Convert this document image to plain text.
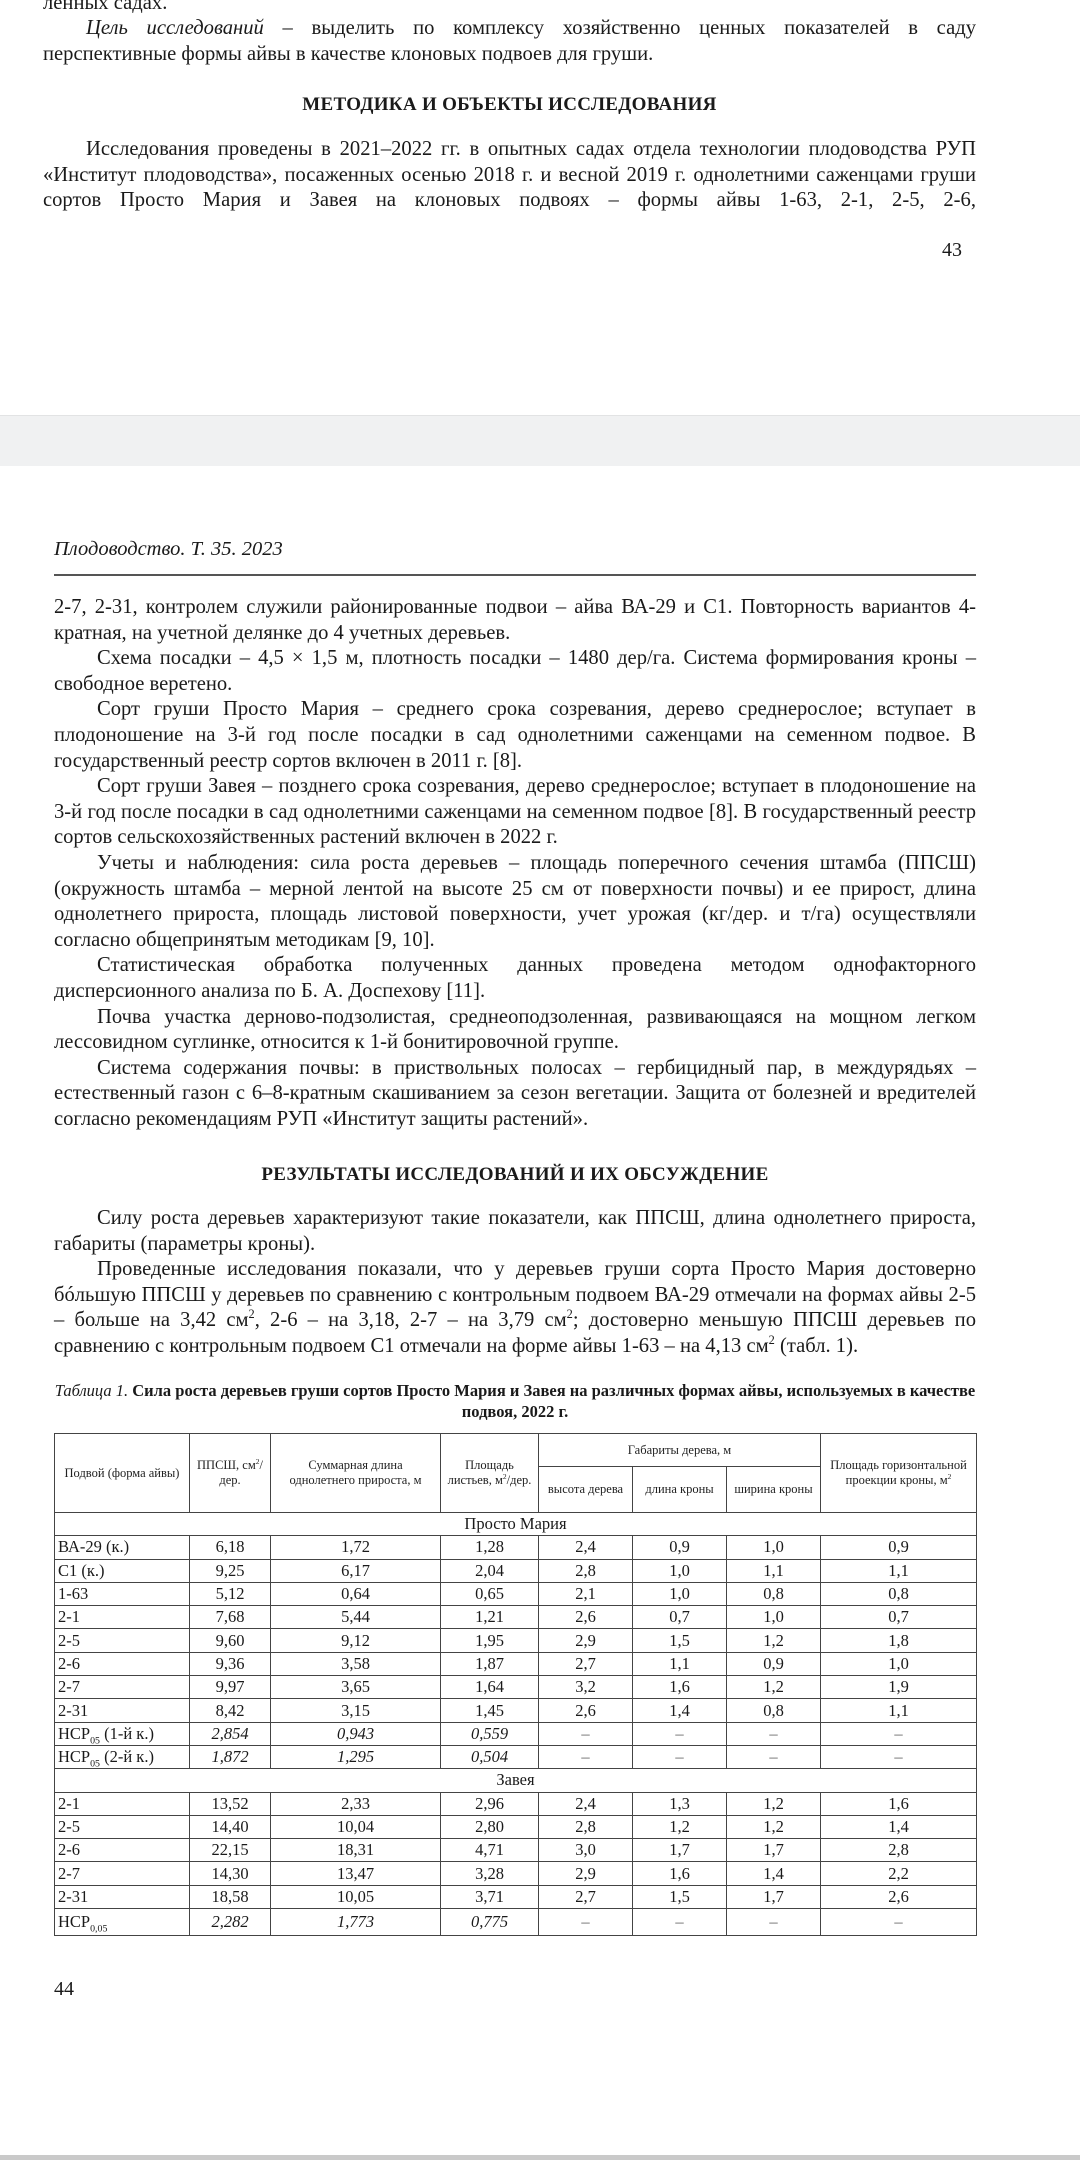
ленных садах.

Цель исследований – выделить по комплексу хозяйственно ценных показателей в саду перспективные формы айвы в качестве клоновых подвоев для груши.

МЕТОДИКА И ОБЪЕКТЫ ИССЛЕДОВАНИЯ

Исследования проведены в 2021–2022 гг. в опытных садах отдела технологии плодоводства РУП «Институт плодоводства», посаженных осенью 2018 г. и весной 2019 г. однолетними саженцами груши сортов Просто Мария и Завея на клоновых подвоях – формы айвы 1-63, 2-1, 2-5, 2-6,

43
Плодоводство. Т. 35. 2023

2-7, 2-31, контролем служили районированные подвои – айва ВА-29 и С1. Повторность вариантов 4-кратная, на учетной делянке до 4 учетных деревьев.

Схема посадки – 4,5 × 1,5 м, плотность посадки – 1480 дер/га. Система формирования кроны – свободное веретено.

Сорт груши Просто Мария – среднего срока созревания, дерево среднерослое; вступает в плодоношение на 3-й год после посадки в сад однолетними саженцами на семенном подвое. В государственный реестр сортов включен в 2011 г. [8].

Сорт груши Завея – позднего срока созревания, дерево среднерослое; вступает в плодоношение на 3-й год после посадки в сад однолетними саженцами на семенном подвое [8]. В государственный реестр сортов сельскохозяйственных растений включен в 2022 г.

Учеты и наблюдения: сила роста деревьев – площадь поперечного сечения штамба (ППСШ) (окружность штамба – мерной лентой на высоте 25 см от поверхности почвы) и ее прирост, длина однолетнего прироста, площадь листовой поверхности, учет урожая (кг/дер. и т/га) осуществляли согласно общепринятым методикам [9, 10].

Статистическая обработка полученных данных проведена методом однофакторного дисперсионного анализа по Б. А. Доспехову [11].

Почва участка дерново-подзолистая, среднеоподзоленная, развивающаяся на мощном легком лессовидном суглинке, относится к 1-й бонитировочной группе.

Система содержания почвы: в приствольных полосах – гербицидный пар, в междурядьях – естественный газон с 6–8-кратным скашиванием за сезон вегетации. Защита от болезней и вредителей согласно рекомендациям РУП «Институт защиты растений».

РЕЗУЛЬТАТЫ ИССЛЕДОВАНИЙ И ИХ ОБСУЖДЕНИЕ

Силу роста деревьев характеризуют такие показатели, как ППСШ, длина однолетнего прироста, габариты (параметры кроны).

Проведенные исследования показали, что у деревьев груши сорта Просто Мария достоверно бóльшую ППСШ у деревьев по сравнению с контрольным подвоем ВА-29 отмечали на формах айвы 2-5 – больше на 3,42 $см^2$, 2-6 – на 3,18, 2-7 – на 3,79 $см^2$; достоверно меньшую ППСШ деревьев по сравнению с контрольным подвоем С1 отмечали на форме айвы 1-63 – на 4,13 $см^2$ (табл. 1).

Таблица 1. Сила роста деревьев груши сортов Просто Мария и Завея на различных формах айвы, используемых в качестве подвоя, 2022 г.
Подвой (форма айвы)	ППСШ, $см^2$/дер.	Суммарная длина однолетнего прироста, м	Площадь листьев, $м^2$/дер.	Габариты дерева, м			Площадь горизонтальной проекции кроны, $м^2$
				высота дерева	длина кроны	ширина кроны	
Просто Мария							
ВА-29 (к.)	6,18	1,72	1,28	2,4	0,9	1,0	0,9
С1 (к.)	9,25	6,17	2,04	2,8	1,0	1,1	1,1
1-63	5,12	0,64	0,65	2,1	1,0	0,8	0,8
2-1	7,68	5,44	1,21	2,6	0,7	1,0	0,7
2-5	9,60	9,12	1,95	2,9	1,5	1,2	1,8
2-6	9,36	3,58	1,87	2,7	1,1	0,9	1,0
2-7	9,97	3,65	1,64	3,2	1,6	1,2	1,9
2-31	8,42	3,15	1,45	2,6	1,4	0,8	1,1
$НСР_{05}$ (1-й к.)	2,854	0,943	0,559	–	–	–	–
$НСР_{05}$ (2-й к.)	1,872	1,295	0,504	–	–	–	–
Завея							
2-1	13,52	2,33	2,96	2,4	1,3	1,2	1,6
2-5	14,40	10,04	2,80	2,8	1,2	1,2	1,4
2-6	22,15	18,31	4,71	3,0	1,7	1,7	2,8
2-7	14,30	13,47	3,28	2,9	1,6	1,4	2,2
2-31	18,58	10,05	3,71	2,7	1,5	1,7	2,6
$НСР_{0,05}$	2,282	1,773	0,775	–	–	–	–
44
